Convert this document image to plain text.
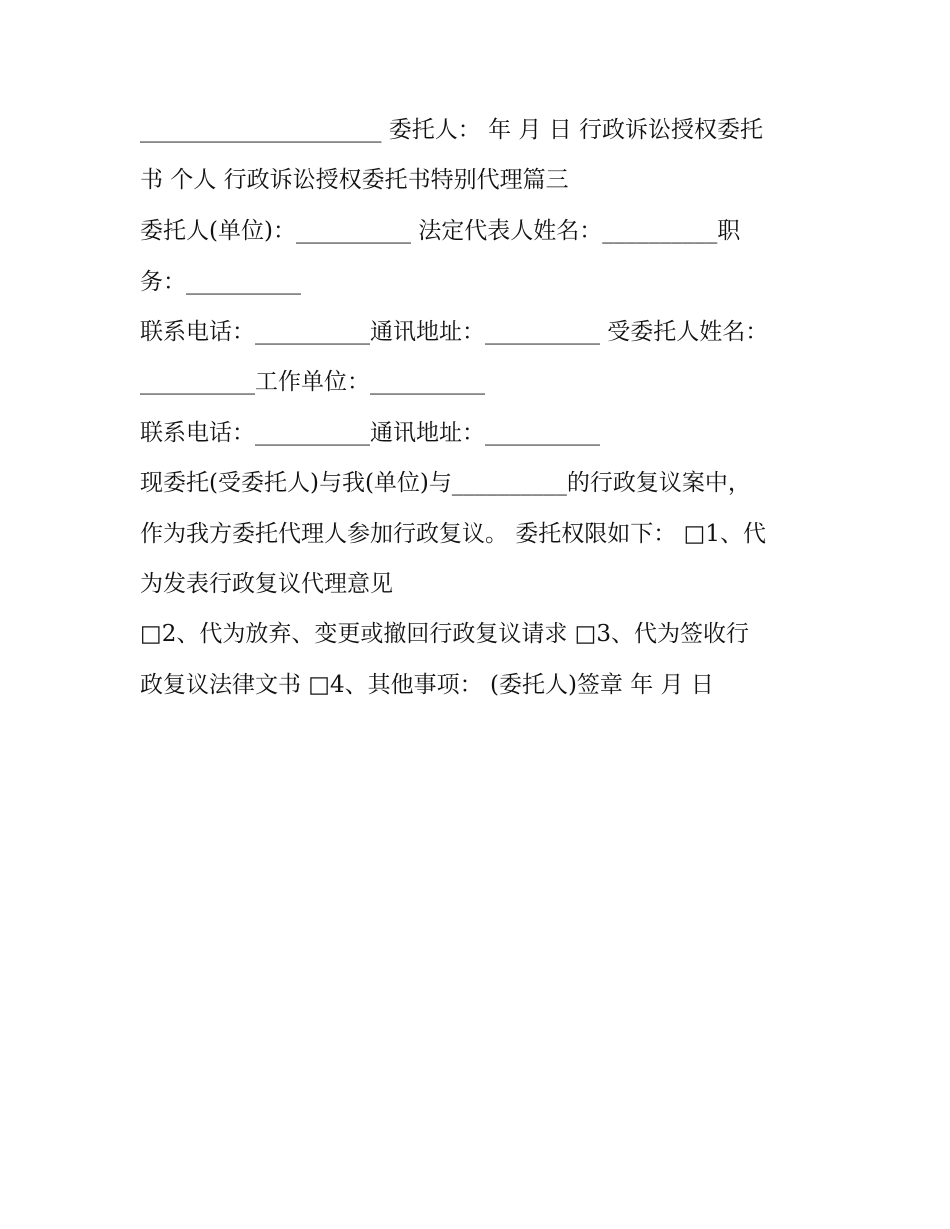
_____________________ 委托人： 年 月 日 行政诉讼授权委托
书 个人 行政诉讼授权委托书特别代理篇三
委托人(单位)：__________ 法定代表人姓名：__________职
务：__________
联系电话：__________通讯地址：__________ 受委托人姓名：
__________工作单位：__________
联系电话：__________通讯地址：__________
现委托(受委托人)与我(单位)与__________的行政复议案中，
作为我方委托代理人参加行政复议。 委托权限如下： □1、代
为发表行政复议代理意见
□2、代为放弃、变更或撤回行政复议请求 □3、代为签收行
政复议法律文书 □4、其他事项： (委托人)签章 年 月 日
